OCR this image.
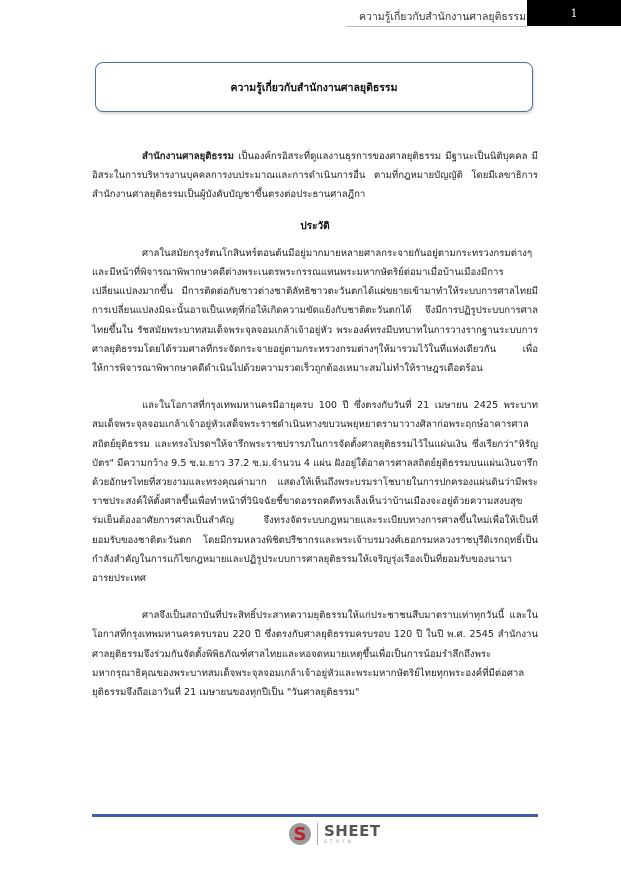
ความรู้เกี่ยวกับสำนักงานศาลยุติธรรม	1
ความรู้เกี่ยวกับสำนักงานศาลยุติธรรม

สำนักงานศาลยุติธรรม เป็นองค์กรอิสระที่ดูแลงานธุรการของศาลยุติธรรม มีฐานะเป็นนิติบุคคล มีอิสระในการบริหารงานบุคคลการงบประมาณและการดำเนินการอื่น ตามที่กฎหมายบัญญัติ โดยมีเลขาธิการสำนักงานศาลยุติธรรมเป็นผู้บังคับบัญชาขึ้นตรงต่อประธานศาลฎีกา

ประวัติ

ศาลในสมัยกรุงรัตนโกสินทร์ตอนต้นมีอยู่มากมายหลายศาลกระจายกันอยู่ตามกระทรวงกรมต่างๆ และมีหน้าที่พิจารณาพิพากษาคดีต่างพระเนตรพระกรรณแทนพระมหากษัตริย์ต่อมาเมื่อบ้านเมืองมีการเปลี่ยนแปลงมากขึ้น มีการติดต่อกับชาวต่างชาติลัทธิชาวตะวันตกได้แผ่ขยายเข้ามาทำให้ระบบการศาลไทยมีการเปลี่ยนแปลงมิฉะนั้นอาจเป็นเหตุที่ก่อให้เกิดความขัดแย้งกับชาติตะวันตกได้ จึงมีการปฏิรูประบบการศาลไทยขึ้นใน รัชสมัยพระบาทสมเด็จพระจุลจอมเกล้าเจ้าอยู่หัว พระองค์ทรงมีบทบาทในการวางรากฐานระบบการศาลยุติธรรมโดยได้รวมศาลที่กระจัดกระจายอยู่ตามกระทรวงกรมต่างๆให้มารวมไว้ในที่แห่งเดียวกัน เพื่อให้การพิจารณาพิพากษาคดีดำเนินไปด้วยความรวดเร็วถูกต้องเหมาะสมไม่ทำให้ราษฎรเดือดร้อน

และในโอกาสที่กรุงเทพมหานครมีอายุครบ 100 ปี ซึ่งตรงกับวันที่ 21 เมษายน 2425 พระบาทสมเด็จพระจุลจอมเกล้าเจ้าอยู่หัวเสด็จพระราชดำเนินทางขบวนพยุหยาตรามาวางศิลาก่อพระฤกษ์อาคารศาลสถิตย์ยุติธรรม และทรงโปรดฯให้จารึกพระราชปรารภในการจัดตั้งศาลยุติธรรมไว้ในแผ่นเงิน ซึ่งเรียกว่า"หิรัญบัตร" มีความกว้าง 9.5 ซ.ม.ยาว 37.2 ซ.ม.จำนวน 4 แผ่น ฝังอยู่ใต้อาคารศาลสถิตย์ยุติธรรมบนแผ่นเงินจารึกด้วยอักษรไทยที่สวยงามและทรงคุณค่ามาก แสดงให้เห็นถึงพระบรมราโชบายในการปกครองแผ่นดินว่ามีพระราชประสงค์ให้ตั้งศาลขึ้นเพื่อทำหน้าที่วินิจฉัยชี้ขาดอรรถคดีทรงเล็งเห็นว่าบ้านเมืองจะอยู่ด้วยความสงบสุขร่มเย็นต้องอาศัยการศาลเป็นสำคัญ จึงทรงจัดระบบกฎหมายและระเบียบทางการศาลขึ้นใหม่เพื่อให้เป็นที่ยอมรับของชาติตะวันตก โดยมีกรมหลวงพิชิตปรีชากรและพระเจ้าบรมวงศ์เธอกรมหลวงราชบุรีดิเรกฤทธิ์เป็นกำลังสำคัญในการแก้ไขกฎหมายและปฏิรูประบบการศาลยุติธรรมให้เจริญรุ่งเรืองเป็นที่ยอมรับของนานาอารยประเทศ

ศาลจึงเป็นสถาบันที่ประสิทธิ์ประสาทความยุติธรรมให้แก่ประชาชนสืบมาตราบเท่าทุกวันนี้ และในโอกาสที่กรุงเทพมหานครครบรอบ 220 ปี ซึ่งตรงกับศาลยุติธรรมครบรอบ 120 ปี ในปี พ.ศ. 2545 สำนักงานศาลยุติธรรมจึงร่วมกันจัดตั้งพิพิธภัณฑ์ศาลไทยและหอจดหมายเหตุขึ้นเพื่อเป็นการน้อมรำลึกถึงพระมหากรุณาธิคุณของพระบาทสมเด็จพระจุลจอมเกล้าเจ้าอยู่หัวและพระมหากษัตริย์ไทยทุกพระองค์ที่มีต่อศาลยุติธรรมจึงถือเอาวันที่ 21 เมษายนของทุกปีเป็น "วันศาลยุติธรรม"

S	SHEET
store
